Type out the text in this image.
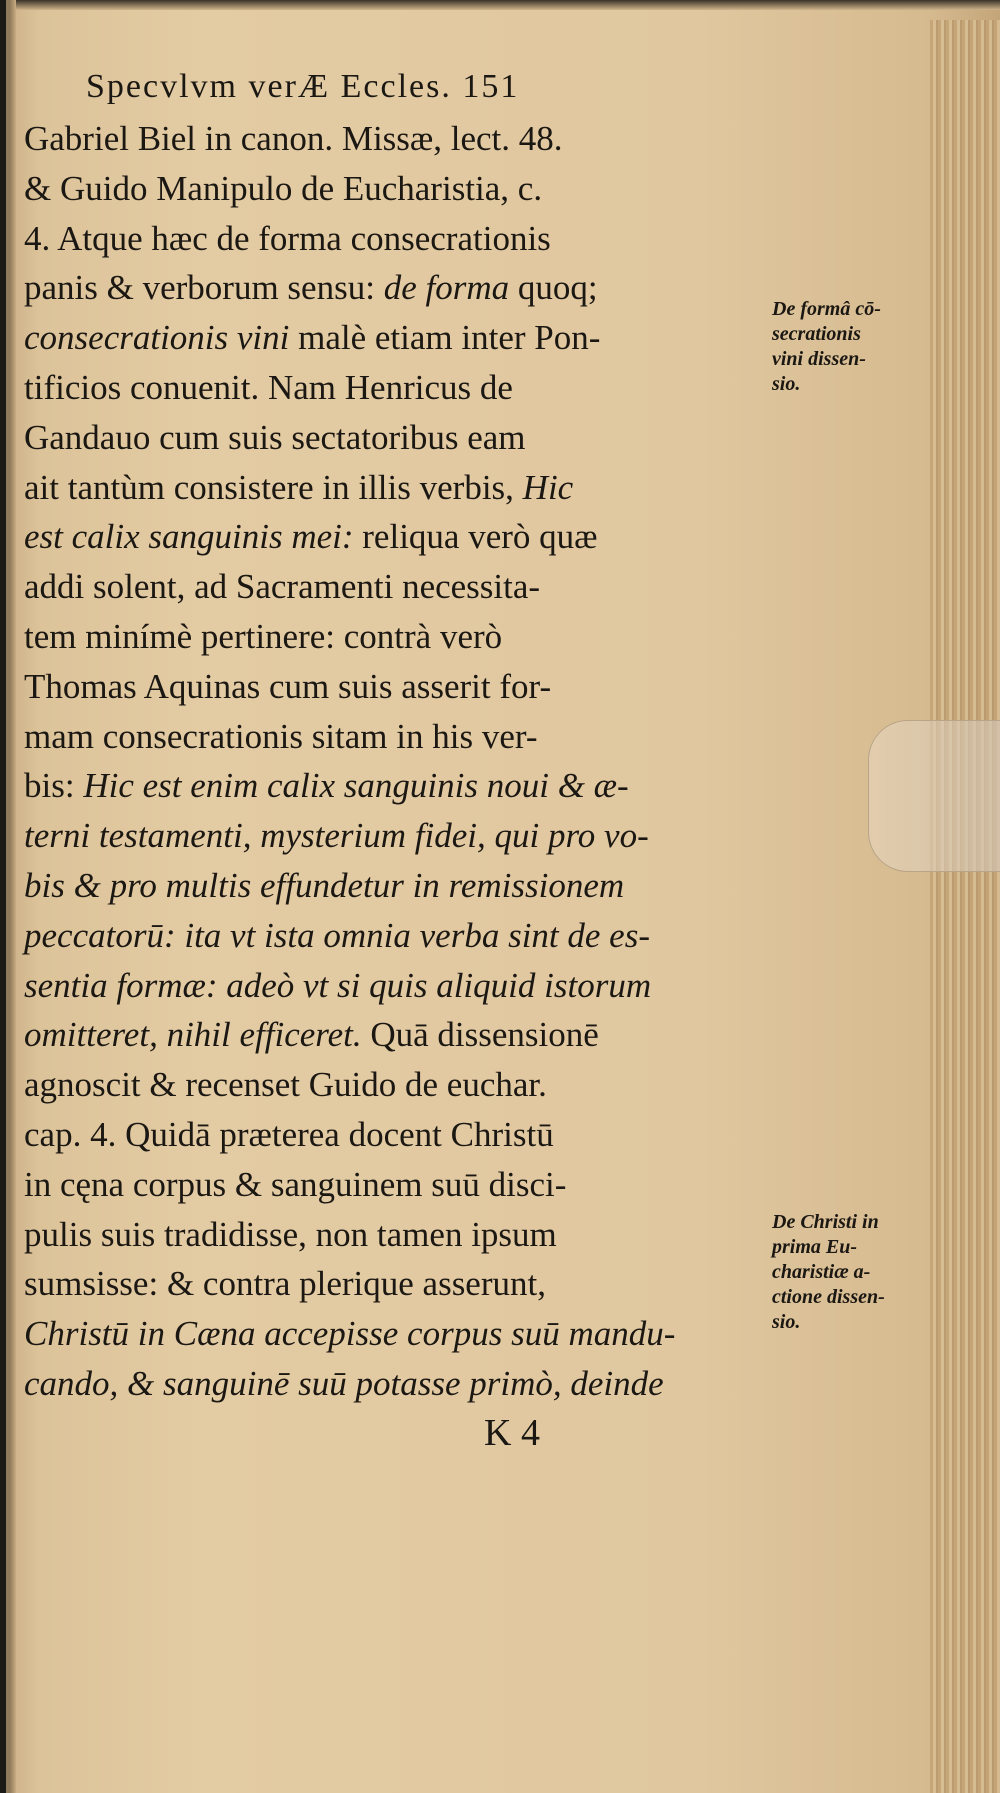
Specvlvm verÆ Eccles. 151
Gabriel Biel in canon. Missæ, lect. 48.
& Guido Manipulo de Eucharistia, c.
4. Atque hæc de forma consecrationis
panis & verborum sensu: de forma quoq;
consecrationis vini malè etiam inter Pon-
tificios conuenit. Nam Henricus de
Gandauo cum suis sectatoribus eam
ait tantùm consistere in illis verbis, Hic
est calix sanguinis mei: reliqua verò quæ
addi solent, ad Sacramenti necessita-
tem minímè pertinere: contrà verò
Thomas Aquinas cum suis asserit for-
mam consecrationis sitam in his ver-
bis: Hic est enim calix sanguinis noui & æ-
terni testamenti, mysterium fidei, qui pro vo-
bis & pro multis effundetur in remissionem
peccatorū: ita vt ista omnia verba sint de es-
sentia formæ: adeò vt si quis aliquid istorum
omitteret, nihil efficeret. Quā dissensionē
agnoscit & recenset Guido de euchar.
cap. 4. Quidā præterea docent Christū
in cęna corpus & sanguinem suū disci-
pulis suis tradidisse, non tamen ipsum
sumsisse: & contra plerique asserunt,
Christū in Cæna accepisse corpus suū mandu-
cando, & sanguinē suū potasse primò, deinde
K 4
De formâ cō-
secrationis
vini dissen-
sio.
De Christi in
prima Eu-
charistiæ a-
ctione dissen-
sio.
